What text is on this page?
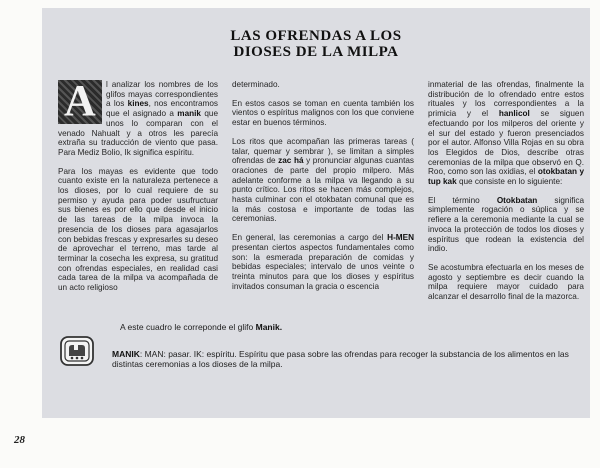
LAS OFRENDAS A LOS
DIOSES DE LA MILPA

A l analizar los nombres de los glifos mayas correspondientes a los kines, nos encontramos que el asignado a manik que unos lo comparan con el venado Nahualt y a otros les parecía extraña su traducción de viento que pasa. Para Mediz Bolio, Ik significa espíritu.

Para los mayas es evidente que todo cuanto existe en la naturaleza pertenece a los dioses, por lo cual requiere de su permiso y ayuda para poder usufructuar sus bienes es por ello que desde el inicio de las tareas de la milpa invoca la presencia de los dioses para agasajarlos con bebidas frescas y expresarles su deseo de aprovechar el terreno, mas tarde al terminar la cosecha les expresa, su gratitud con ofrendas especiales, en realidad casi cada tarea de la milpa va acompañada de un acto religioso

determinado.

En estos casos se toman en cuenta también los vientos o espíritus malignos con los que conviene estar en buenos términos.

Los ritos que acompañan las primeras tareas ( talar, quemar y sembrar ), se limitan a simples ofrendas de zac há y pronunciar algunas cuantas oraciones de parte del propio milpero. Más adelante conforme a la milpa va llegando a su punto crítico. Los ritos se hacen más complejos, hasta culminar con el otokbatan comunal que es la más costosa e importante de todas las ceremonias.

En general, las ceremonias a cargo del H-MEN presentan ciertos aspectos fundamentales como son: la esmerada preparación de comidas y bebidas especiales; intervalo de unos veinte o treinta minutos para que los dioses y espíritus invitados consuman la gracia o escencia

inmaterial de las ofrendas, finalmente la distribución de lo ofrendado entre estos rituales y los correspondientes a la primicia y el hanlicol se siguen efectuando por los milperos del oriente y el sur del estado y fueron presenciados por el autor. Alfonso Villa Rojas en su obra los Elegidos de Dios, describe otras ceremonias de la milpa que observó en Q. Roo, como son las oxidias, el otokbatan y tup kak que consiste en lo siguiente:

El término Otokbatan significa simplemente rogación o súplica y se refiere a la ceremonia mediante la cual se invoca la protección de todos los dioses y espíritus que rodean la existencia del indio.

Se acostumbra efectuarla en los meses de agosto y septiembre es decir cuando la milpa requiere mayor cuidado para alcanzar el desarrollo final de la mazorca.

A este cuadro le correponde el glifo Manik.
MANIK: MAN: pasar. IK: espíritu. Espíritu que pasa sobre las ofrendas para recoger la substancia de los alimentos en las distintas ceremonias a los dioses de la milpa.
28
